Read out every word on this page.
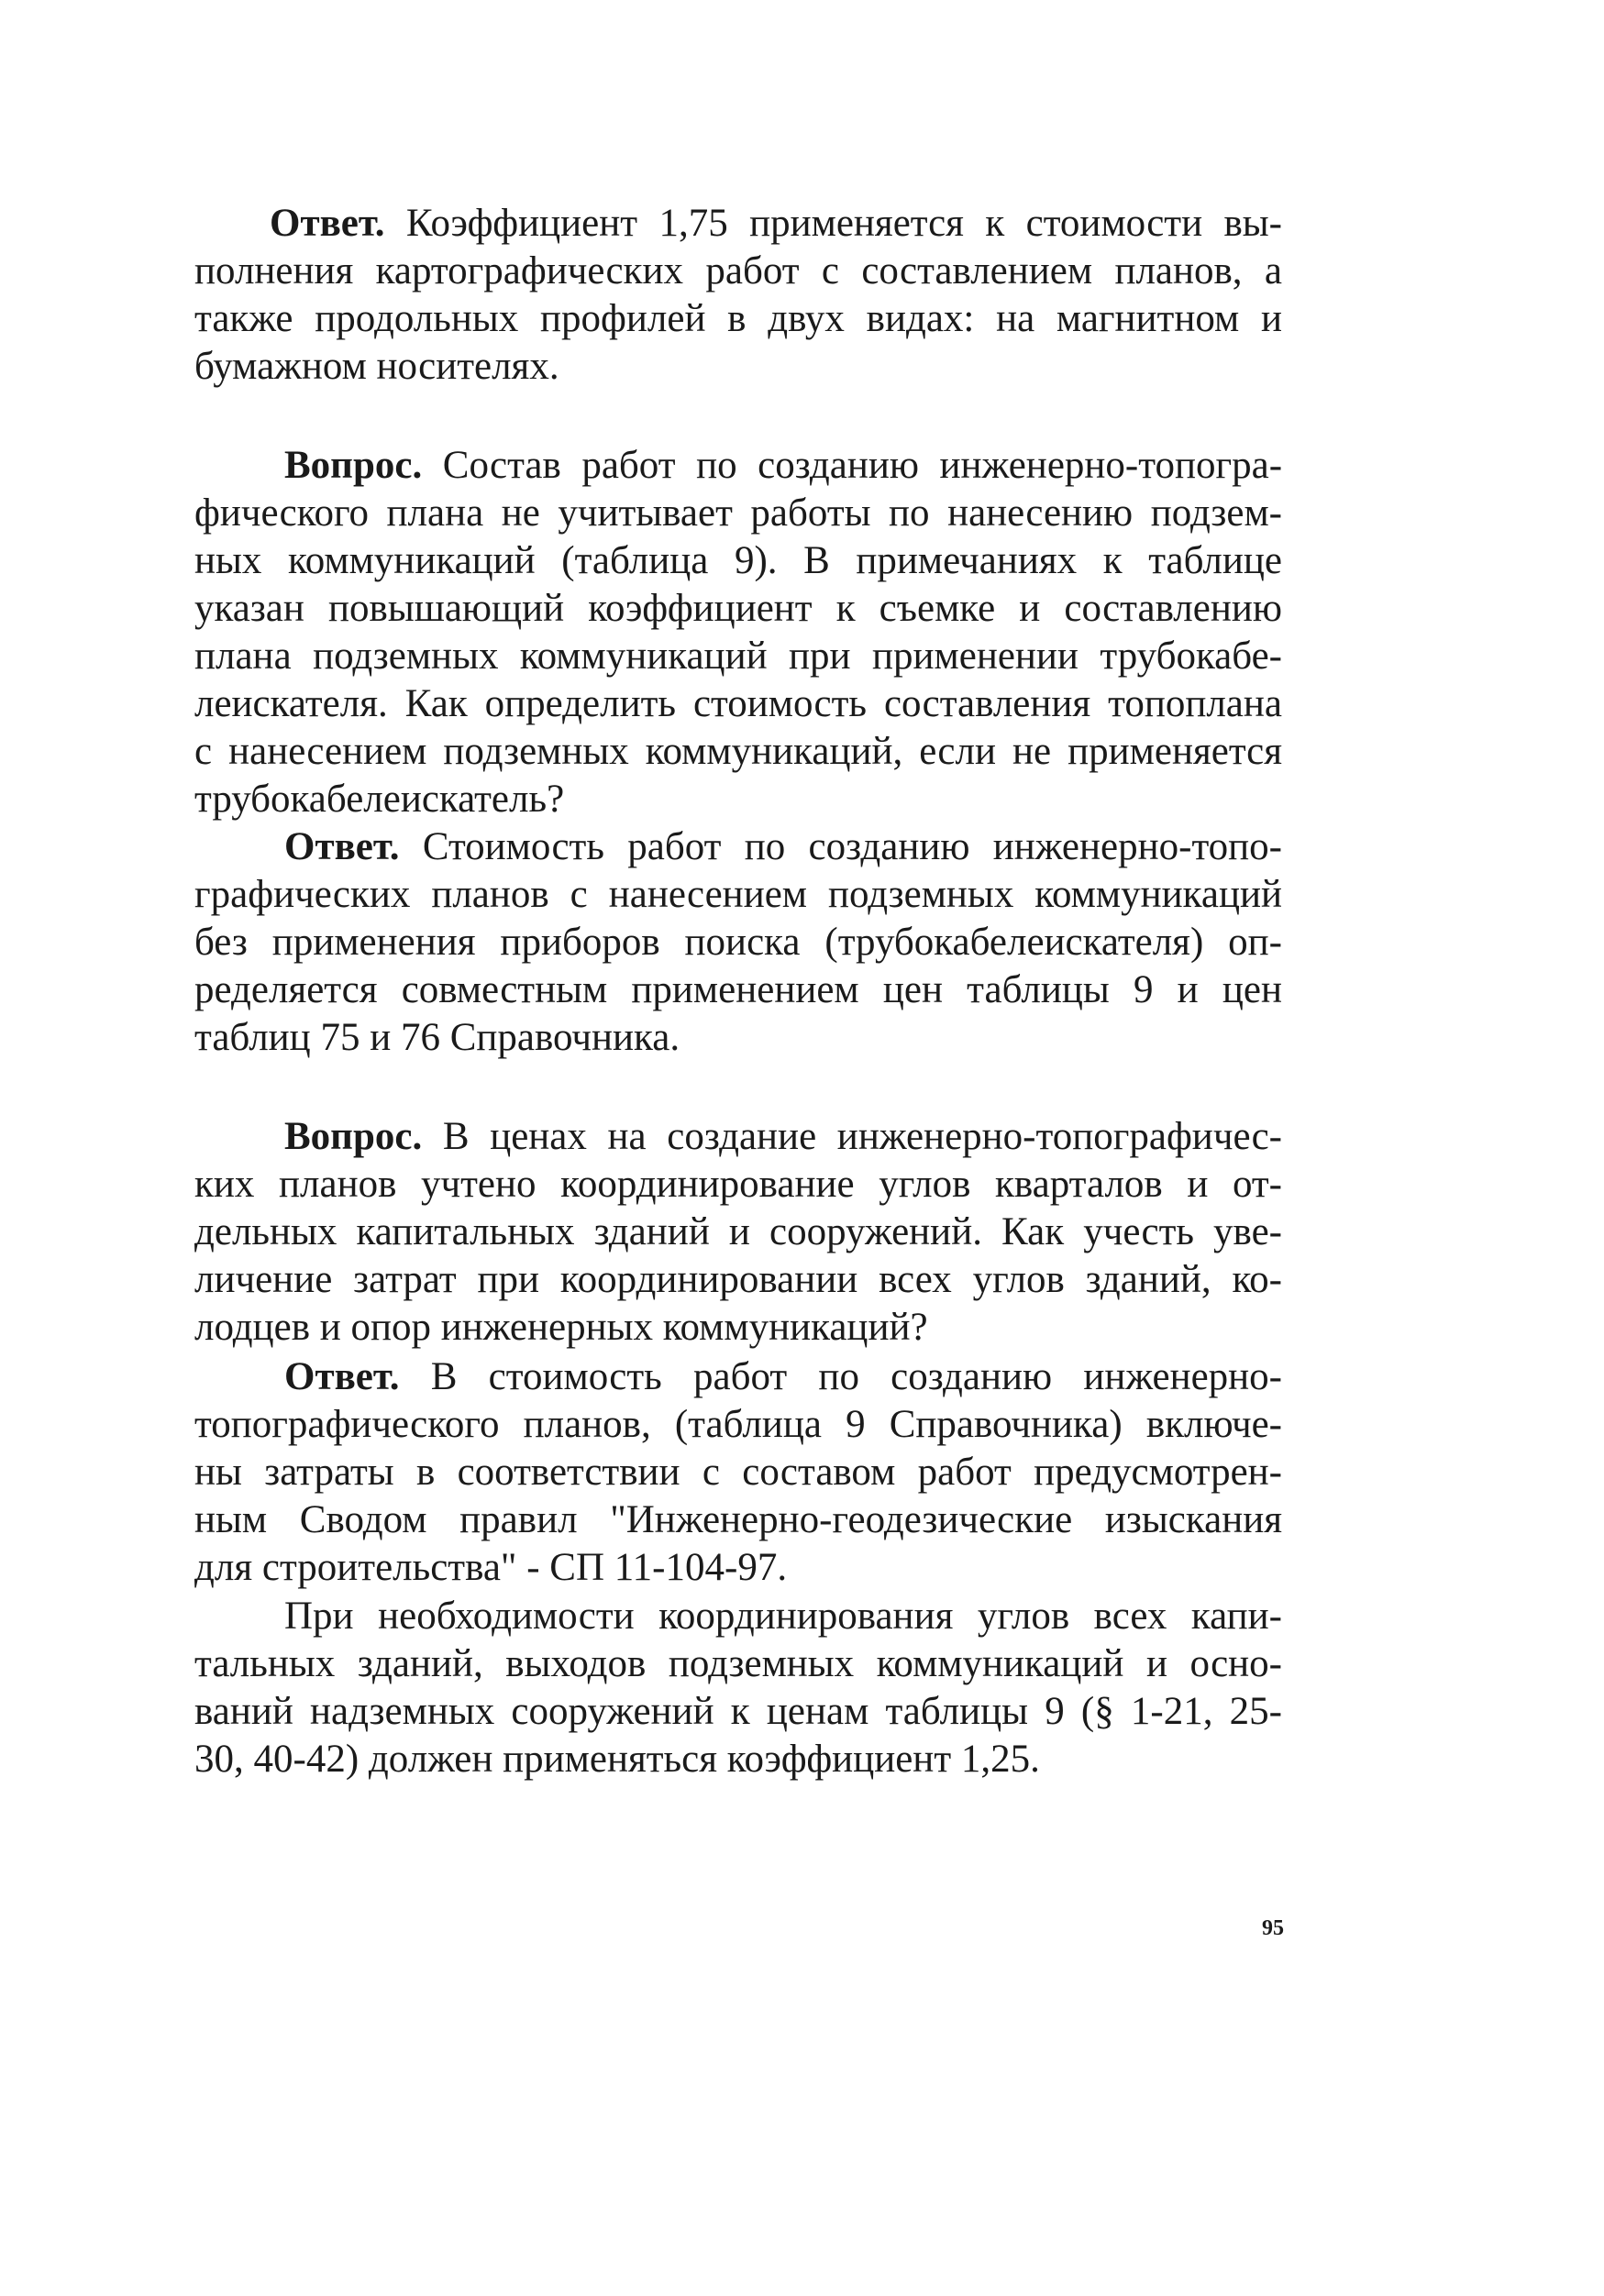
Ответ. Коэффициент 1,75 применяется к стоимости вы-
полнения картографических работ с составлением планов, а
также продольных профилей в двух видах: на магнитном и
бумажном носителях.
Вопрос. Состав работ по созданию инженерно-топогра-
фического плана не учитывает работы по нанесению подзем-
ных коммуникаций (таблица 9). В примечаниях к таблице
указан повышающий коэффициент к съемке и составлению
плана подземных коммуникаций при применении трубокабе-
леискателя. Как определить стоимость составления топоплана
с нанесением подземных коммуникаций, если не применяется
трубокабелеискатель?
Ответ. Стоимость работ по созданию инженерно-топо-
графических планов с нанесением подземных коммуникаций
без применения приборов поиска (трубокабелеискателя) оп-
ределяется совместным применением цен таблицы 9 и цен
таблиц 75 и 76 Справочника.
Вопрос. В ценах на создание инженерно-топографичес-
ких планов учтено координирование углов кварталов и от-
дельных капитальных зданий и сооружений. Как учесть уве-
личение затрат при координировании всех углов зданий, ко-
лодцев и опор инженерных коммуникаций?
Ответ. В стоимость работ по созданию инженерно-
топографического планов, (таблица 9 Справочника) включе-
ны затраты в соответствии с составом работ предусмотрен-
ным Сводом правил "Инженерно-геодезические изыскания
для строительства" - СП 11-104-97.
При необходимости координирования углов всех капи-
тальных зданий, выходов подземных коммуникаций и осно-
ваний надземных сооружений к ценам таблицы 9 (§ 1-21, 25-
30, 40-42) должен применяться коэффициент 1,25.
95
